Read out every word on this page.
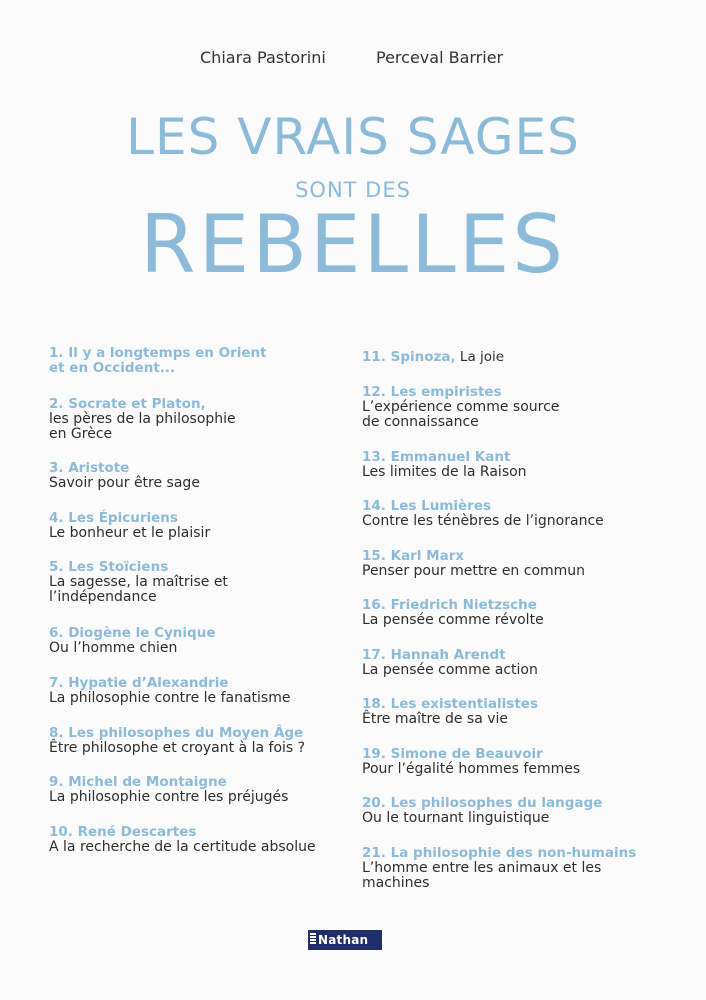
Chiara Pastorini	Perceval Barrier
LES VRAIS SAGES
SONT DES
REBELLES
1. Il y a longtemps en Orient
et en Occident...
2. Socrate et Platon,
les pères de la philosophie
en Grèce
3. Aristote
Savoir pour être sage
4. Les Épicuriens
Le bonheur et le plaisir
5. Les Stoïciens
La sagesse, la maîtrise et
l’indépendance
6. Diogène le Cynique
Ou l’homme chien
7. Hypatie d’Alexandrie
La philosophie contre le fanatisme
8. Les philosophes du Moyen Âge
Être philosophe et croyant à la fois ?
9. Michel de Montaigne
La philosophie contre les préjugés
10. René Descartes
A la recherche de la certitude absolue
11. Spinoza, La joie
12. Les empiristes
L’expérience comme source
de connaissance
13. Emmanuel Kant
Les limites de la Raison
14. Les Lumières
Contre les ténèbres de l’ignorance
15. Karl Marx
Penser pour mettre en commun
16. Friedrich Nietzsche
La pensée comme révolte
17. Hannah Arendt
La pensée comme action
18. Les existentialistes
Être maître de sa vie
19. Simone de Beauvoir
Pour l’égalité hommes femmes
20. Les philosophes du langage
Ou le tournant linguistique
21. La philosophie des non-humains
L’homme entre les animaux et les
machines
Nathan
